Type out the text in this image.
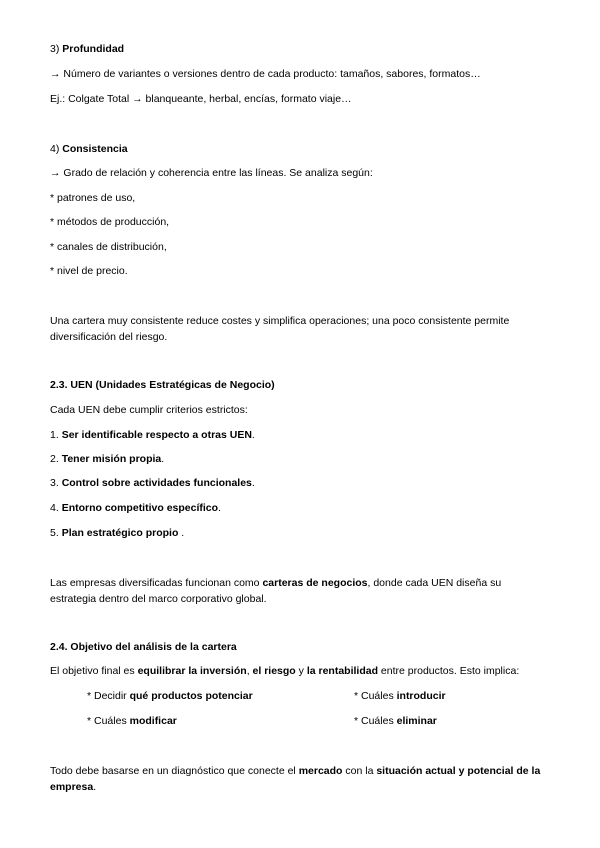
3) Profundidad
→ Número de variantes o versiones dentro de cada producto: tamaños, sabores, formatos…
Ej.: Colgate Total → blanqueante, herbal, encías, formato viaje…
4) Consistencia
→ Grado de relación y coherencia entre las líneas. Se analiza según:
* patrones de uso,
* métodos de producción,
* canales de distribución,
* nivel de precio.
Una cartera muy consistente reduce costes y simplifica operaciones; una poco consistente permite diversificación del riesgo.
2.3. UEN (Unidades Estratégicas de Negocio)
Cada UEN debe cumplir criterios estrictos:
1. Ser identificable respecto a otras UEN.
2. Tener misión propia.
3. Control sobre actividades funcionales.
4. Entorno competitivo específico.
5. Plan estratégico propio .
Las empresas diversificadas funcionan como carteras de negocios, donde cada UEN diseña su estrategia dentro del marco corporativo global.
2.4. Objetivo del análisis de la cartera
El objetivo final es equilibrar la inversión, el riesgo y la rentabilidad entre productos. Esto implica:
* Decidir qué productos potenciar	* Cuáles introducir
* Cuáles modificar	* Cuáles eliminar
Todo debe basarse en un diagnóstico que conecte el mercado con la situación actual y potencial de la empresa.
